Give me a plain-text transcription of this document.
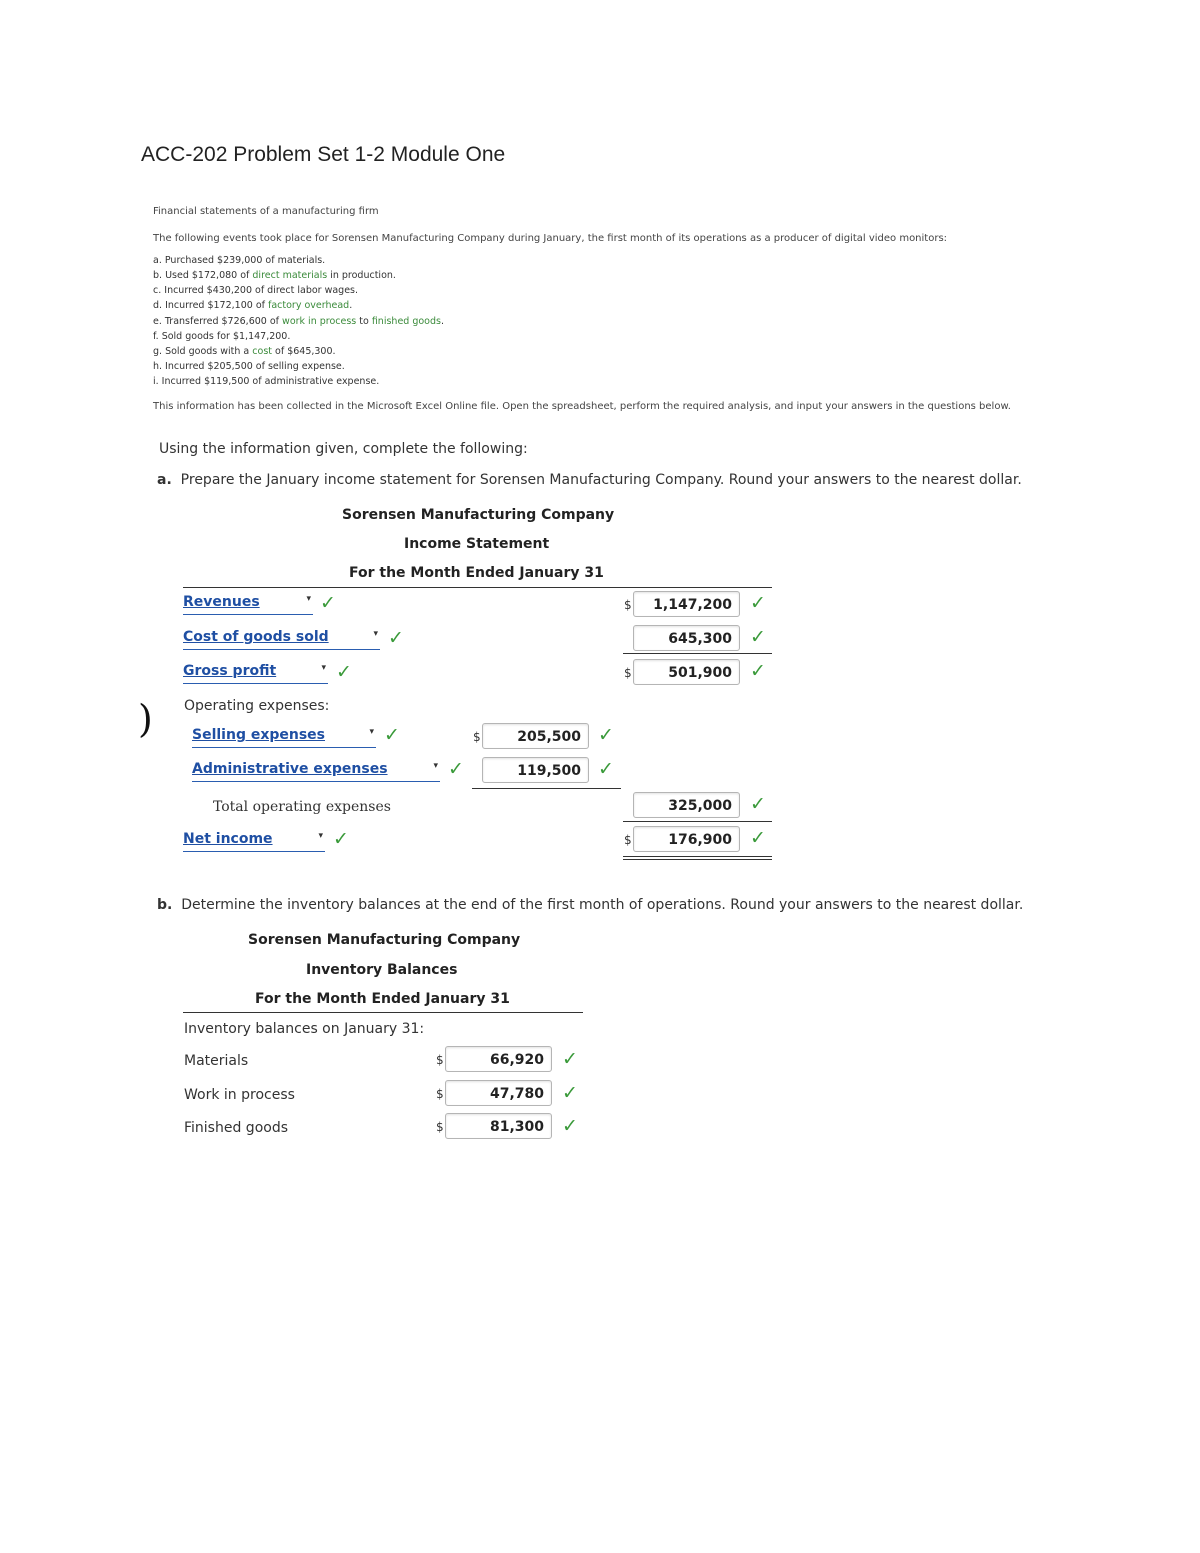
ACC-202 Problem Set 1-2 Module One
Financial statements of a manufacturing firm
The following events took place for Sorensen Manufacturing Company during January, the first month of its operations as a producer of digital video monitors:
a. Purchased $239,000 of materials.
b. Used $172,080 of direct materials in production.
c. Incurred $430,200 of direct labor wages.
d. Incurred $172,100 of factory overhead.
e. Transferred $726,600 of work in process to finished goods.
f. Sold goods for $1,147,200.
g. Sold goods with a cost of $645,300.
h. Incurred $205,500 of selling expense.
i. Incurred $119,500 of administrative expense.
This information has been collected in the Microsoft Excel Online file. Open the spreadsheet, perform the required analysis, and input your answers in the questions below.
Using the information given, complete the following:
a. Prepare the January income statement for Sorensen Manufacturing Company. Round your answers to the nearest dollar.
Sorensen Manufacturing Company
Income Statement
For the Month Ended January 31
Revenues	▾ ✓	$	1,147,200 ✓
Cost of goods sold	▾ ✓	645,300 ✓
Gross profit	▾ ✓	$	501,900 ✓
) Operating expenses:
Selling expenses	▾ ✓	$	205,500 ✓
Administrative expenses	▾ ✓	119,500 ✓
Total operating expenses	325,000 ✓
Net income	▾ ✓	$	176,900 ✓
b. Determine the inventory balances at the end of the first month of operations. Round your answers to the nearest dollar.
Sorensen Manufacturing Company
Inventory Balances
For the Month Ended January 31
Inventory balances on January 31:
Materials	$	66,920 ✓
Work in process	$	47,780 ✓
Finished goods	$	81,300 ✓
